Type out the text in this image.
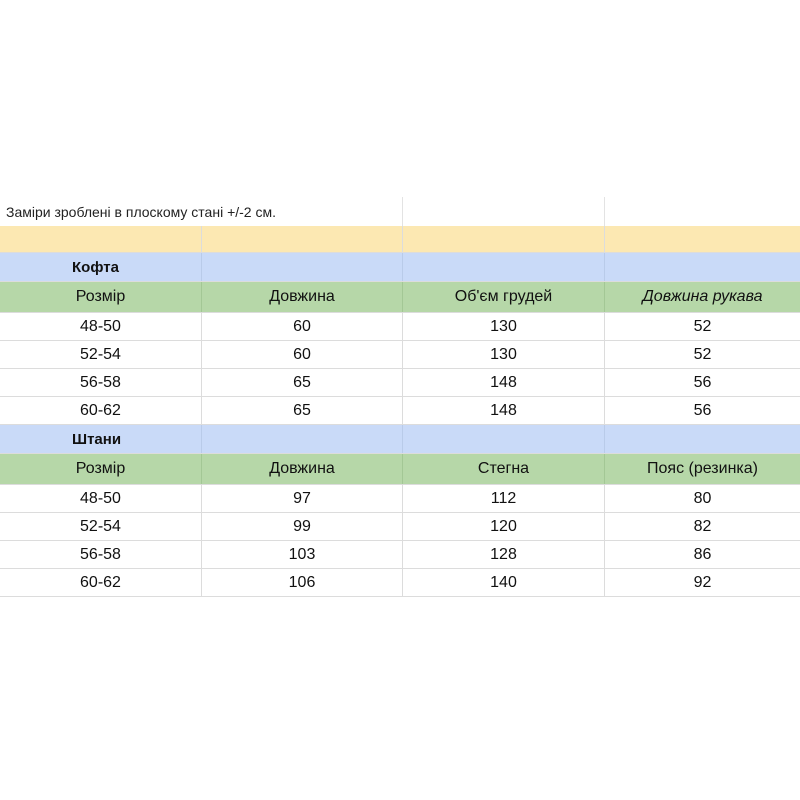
Заміри зроблені в плоскому стані +/-2 см.
Кофта
Розмір	Довжина	Об'єм грудей	Довжина рукава
48-50	60	130	52
52-54	60	130	52
56-58	65	148	56
60-62	65	148	56
Штани
Розмір	Довжина	Стегна	Пояс (резинка)
48-50	97	112	80
52-54	99	120	82
56-58	103	128	86
60-62	106	140	92
